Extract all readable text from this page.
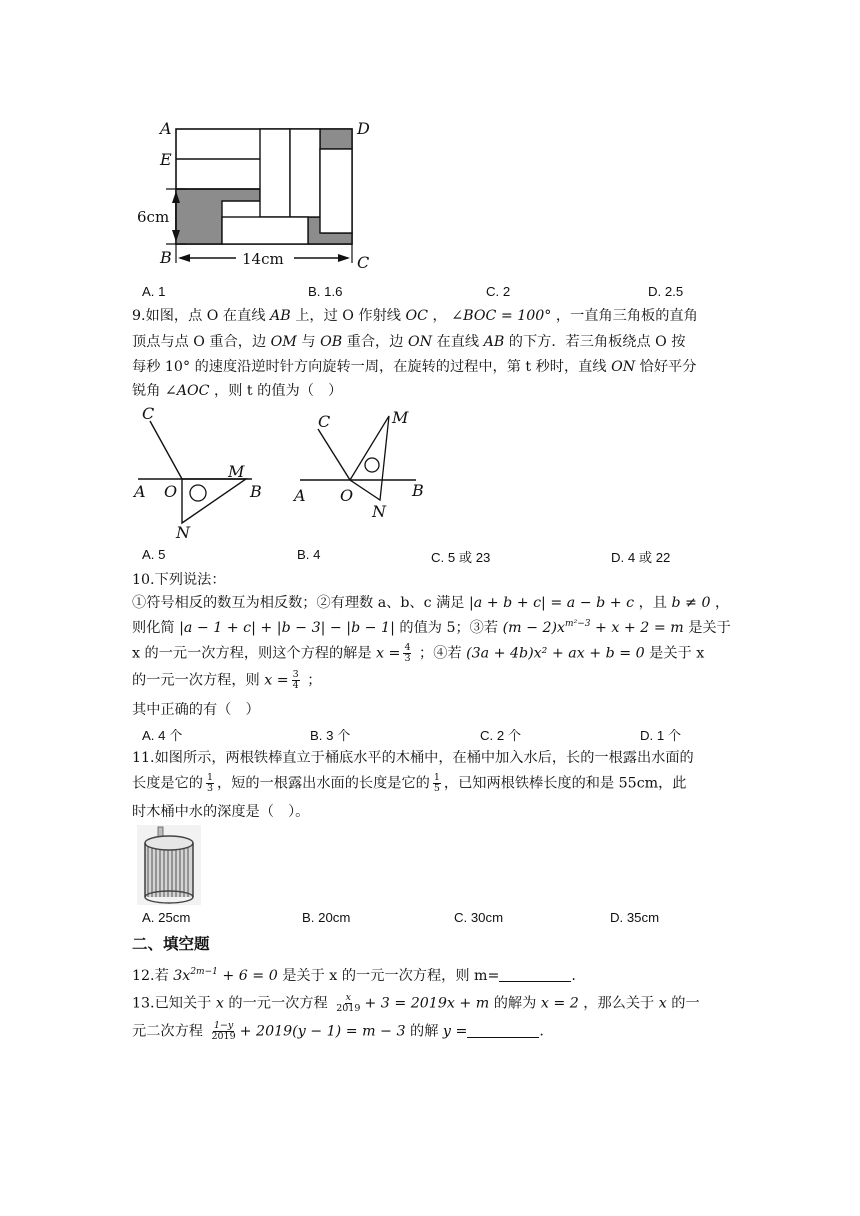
A	D
E
B	C
6cm
14cm
A. 1	B. 1.6	C. 2	D. 2.5
9.如图，点 O 在直线 AB 上，过 O 作射线 OC ， ∠BOC = 100° ，一直角三角板的直角
顶点与点 O 重合，边 OM 与 OB 重合，边 ON 在直线 AB 的下方．若三角板绕点 O 按
每秒 10° 的速度沿逆时针方向旋转一周，在旋转的过程中，第 t 秒时，直线 ON 恰好平分
锐角 ∠AOC ，则 t 的值为（　）
C
M
A O	B
N
C	M
A O	B
N
A. 5	B. 4	C. 5 或 23	D. 4 或 22
10.下列说法：
①符号相反的数互为相反数；②有理数 a、b、c 满足 |a + b + c| = a − b + c ，且 b ≠ 0 ，
则化简 |a − 1 + c| + |b − 3| − |b − 1| 的值为 5；③若 $(m - 2)x^{m^2-3} + x + 2 = m$ 是关于
x 的一元一次方程，则这个方程的解是 $x = \frac{4}{3}$ ；④若 (3a + 4b)x² + ax + b = 0 是关于 x
的一元一次方程，则 $x = \frac{3}{4}$ ；
其中正确的有（　）
A. 4 个	B. 3 个	C. 2 个	D. 1 个
11.如图所示，两根铁棒直立于桶底水平的木桶中，在桶中加入水后，长的一根露出水面的
长度是它的 $\frac{1}{3}$ ，短的一根露出水面的长度是它的 $\frac{1}{5}$ ，已知两根铁棒长度的和是 55cm，此
时木桶中水的深度是（　）。
A. 25cm	B. 20cm	C. 30cm	D. 35cm
二、填空题
12.若 $3x^{2m-1} + 6 = 0$ 是关于 x 的一元一次方程，则 m=	.
13.已知关于 x 的一元一次方程 $\frac{x}{2019} + 3 = 2019x + m$ 的解为 x = 2 ，那么关于 x 的一
元二次方程 $\frac{1-y}{2019} + 2019(y - 1) = m - 3$ 的解 y =	.
